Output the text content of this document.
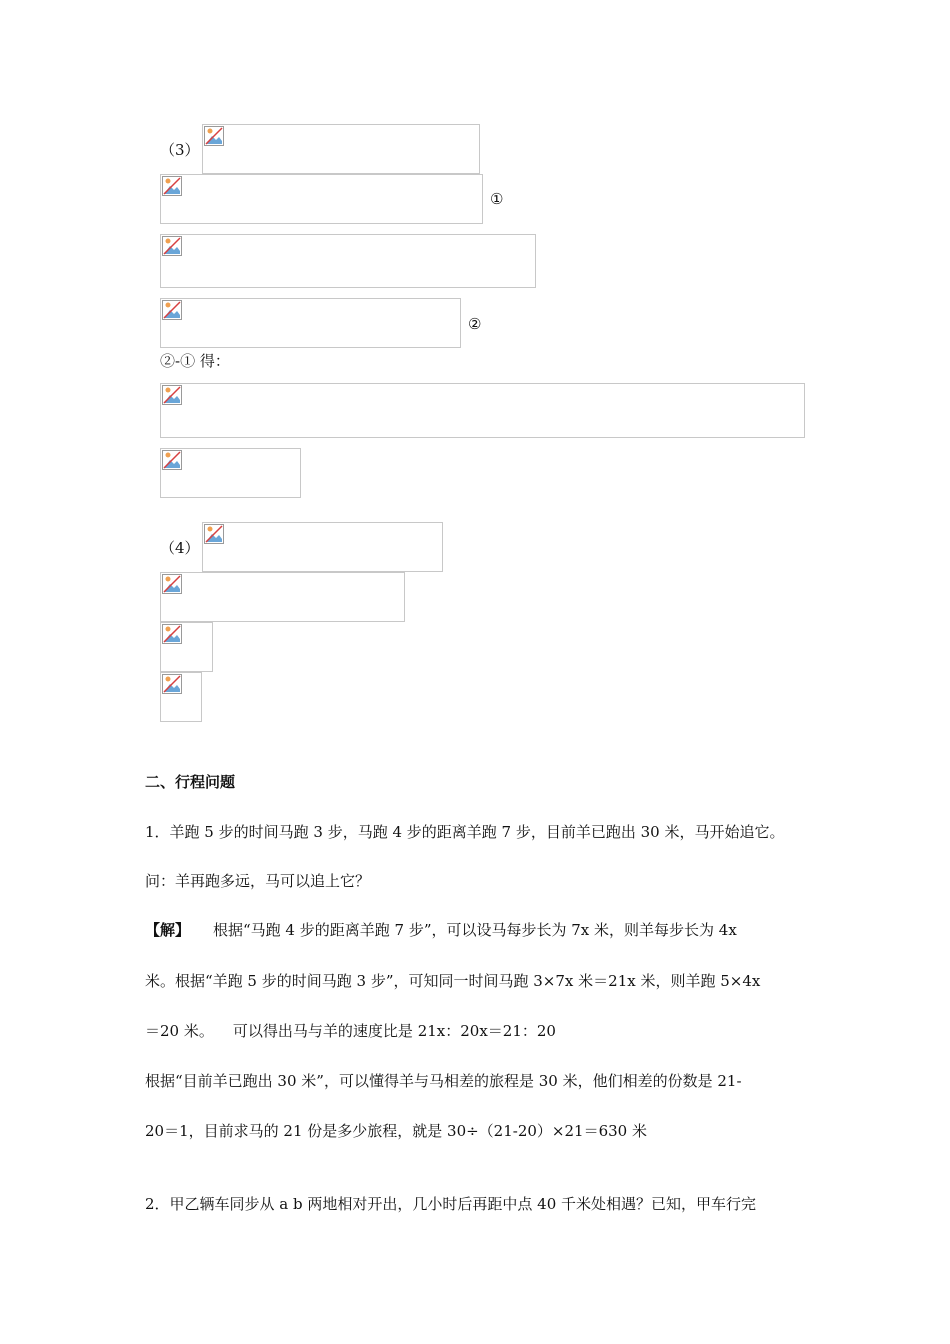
（3）
①
②
②-① 得：
（4）
二、行程问题
1．羊跑 5 步的时间马跑 3 步，马跑 4 步的距离羊跑 7 步，目前羊已跑出 30 米，马开始追它。
问：羊再跑多远，马可以追上它？
【解】 根据“马跑 4 步的距离羊跑 7 步”，可以设马每步长为 7x 米，则羊每步长为 4x
米。根据“羊跑 5 步的时间马跑 3 步”，可知同一时间马跑 3×7x 米＝21x 米，则羊跑 5×4x
＝20 米。    可以得出马与羊的速度比是 21x：20x＝21：20
根据“目前羊已跑出 30 米”，可以懂得羊与马相差的旅程是 30 米，他们相差的份数是 21-
20＝1，目前求马的 21 份是多少旅程，就是 30÷（21-20）×21＝630 米
2．甲乙辆车同步从 a b 两地相对开出，几小时后再距中点 40 千米处相遇？已知，甲车行完
